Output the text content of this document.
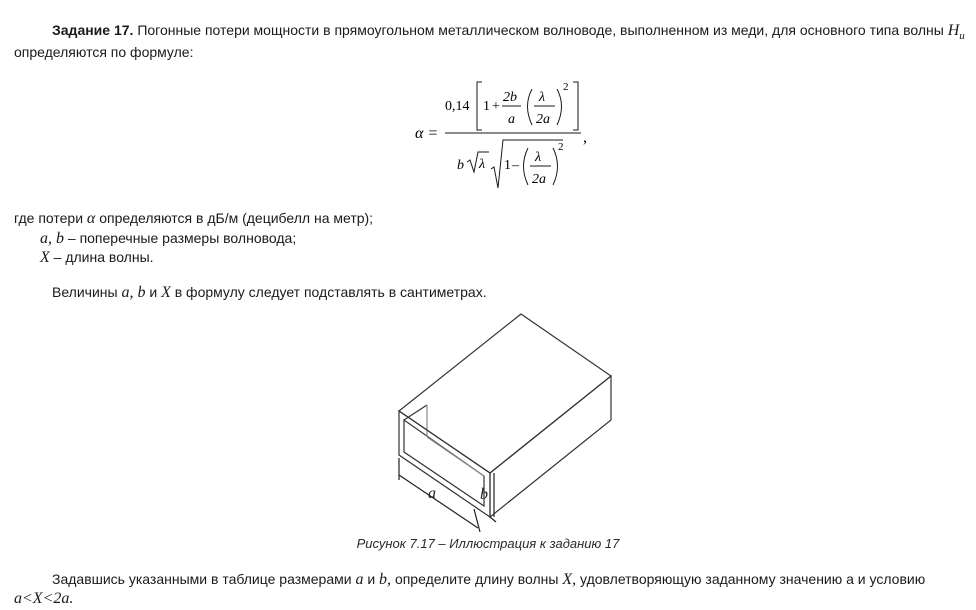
Задание 17. Погонные потери мощности в прямоугольном металлическом волноводе, выполненном из меди, для основного типа волны $H_u$
определяются по формуле:
α =	,
0,14 1 +
2b
a
λ
2a
2
b λ 1 –
λ
2a
2
где потери α определяются в дБ/м (децибелл на метр);
a, b – поперечные размеры волновода;
X – длина волны.
Величины a, b и X в формулу следует подставлять в сантиметрах.
a	b
Рисунок 7.17 – Иллюстрация к заданию 17
Задавшись указанными в таблице размерами a и b, определите длину волны X, удовлетворяющую заданному значению а и условию
a<X<2a.
